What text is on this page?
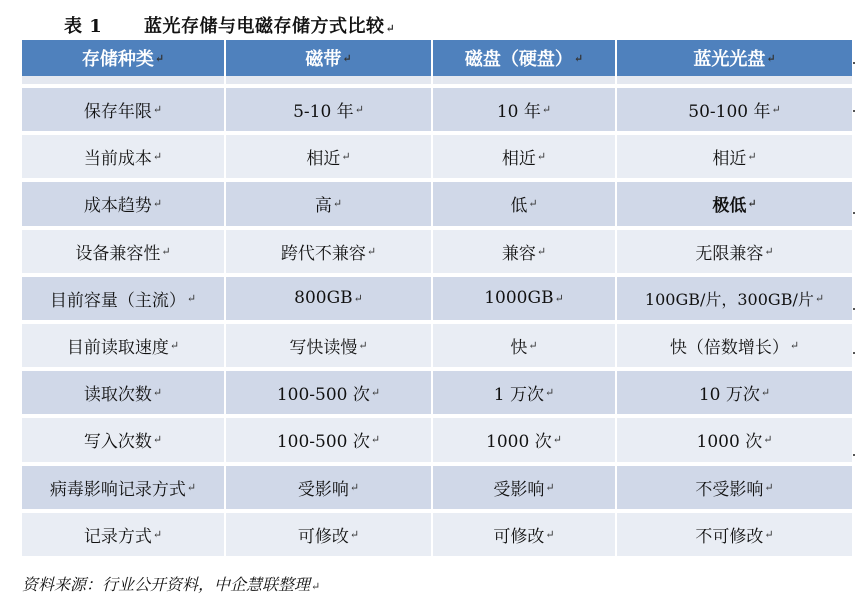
表 1 蓝光存储与电磁存储方式比较↵
存储种类 ↵	磁带 ↵	磁盘（硬盘） ↵	蓝光光盘 ↵
保存年限 ↵	5-10 年 ↵	10 年 ↵	50-100 年 ↵
当前成本 ↵	相近 ↵	相近 ↵	相近 ↵
成本趋势 ↵	高 ↵	低 ↵	极低 ↵
设备兼容性 ↵	跨代不兼容 ↵	兼容 ↵	无限兼容 ↵
目前容量（主流） ↵	800GB ↵	1000GB ↵	100GB/片，300GB/片 ↵
目前读取速度 ↵	写快读慢 ↵	快 ↵	快（倍数增长） ↵
读取次数 ↵	100-500 次 ↵	1 万次 ↵	10 万次 ↵
写入次数 ↵	100-500 次 ↵	1000 次 ↵	1000 次 ↵
病毒影响记录方式 ↵	受影响 ↵	受影响 ↵	不受影响 ↵
记录方式 ↵	可修改 ↵	可修改 ↵	不可修改 ↵
资料来源：行业公开资料，中企慧联整理↵
